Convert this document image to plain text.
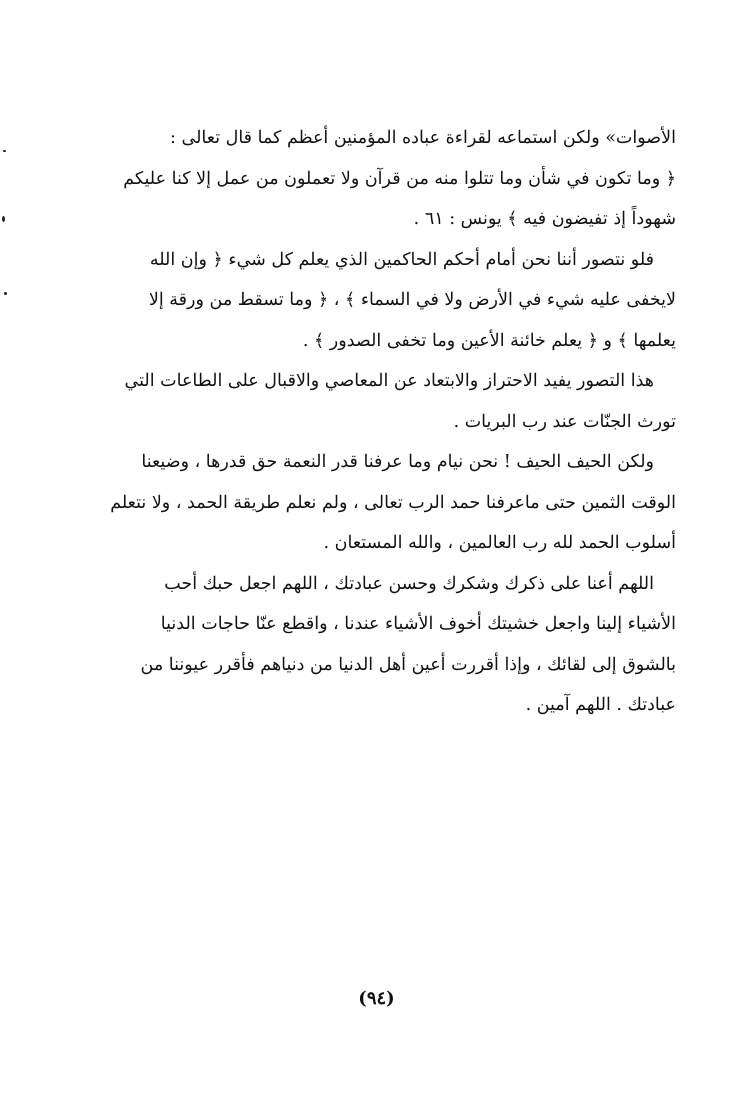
الأصوات» ولكن استماعه لقراءة عباده المؤمنين أعظم كما قال تعالى :
﴿ وما تكون في شأن وما تتلوا منه من قرآن ولا تعملون من عمل إلا كنا عليكم
شهوداً إذ تفيضون فيه ﴾ يونس : ٦١ .
فلو نتصور أننا نحن أمام أحكم الحاكمين الذي يعلم كل شيء ﴿ وإن الله
لايخفى عليه شيء في الأرض ولا في السماء ﴾ ، ﴿ وما تسقط من ورقة إلا
يعلمها ﴾ و ﴿ يعلم خائنة الأعين وما تخفى الصدور ﴾ .
هذا التصور يفيد الاحتراز والابتعاد عن المعاصي والاقبال على الطاعات التي
تورث الجنّات عند رب البريات .
ولكن الحيف الحيف ! نحن نيام وما عرفنا قدر النعمة حق قدرها ، وضيعنا
الوقت الثمين حتى ماعرفنا حمد الرب تعالى ، ولم نعلم طريقة الحمد ، ولا نتعلم
أسلوب الحمد لله رب العالمين ، والله المستعان .
اللهم أعنا على ذكرك وشكرك وحسن عبادتك ، اللهم اجعل حبك أحب
الأشياء إلينا واجعل خشيتك أخوف الأشياء عندنا ، واقطع عنّا حاجات الدنيا
بالشوق إلى لقائك ، وإذا أقررت أعين أهل الدنيا من دنياهم فأقرر عيوننا من
عبادتك . اللهم آمين .
(٩٤)
